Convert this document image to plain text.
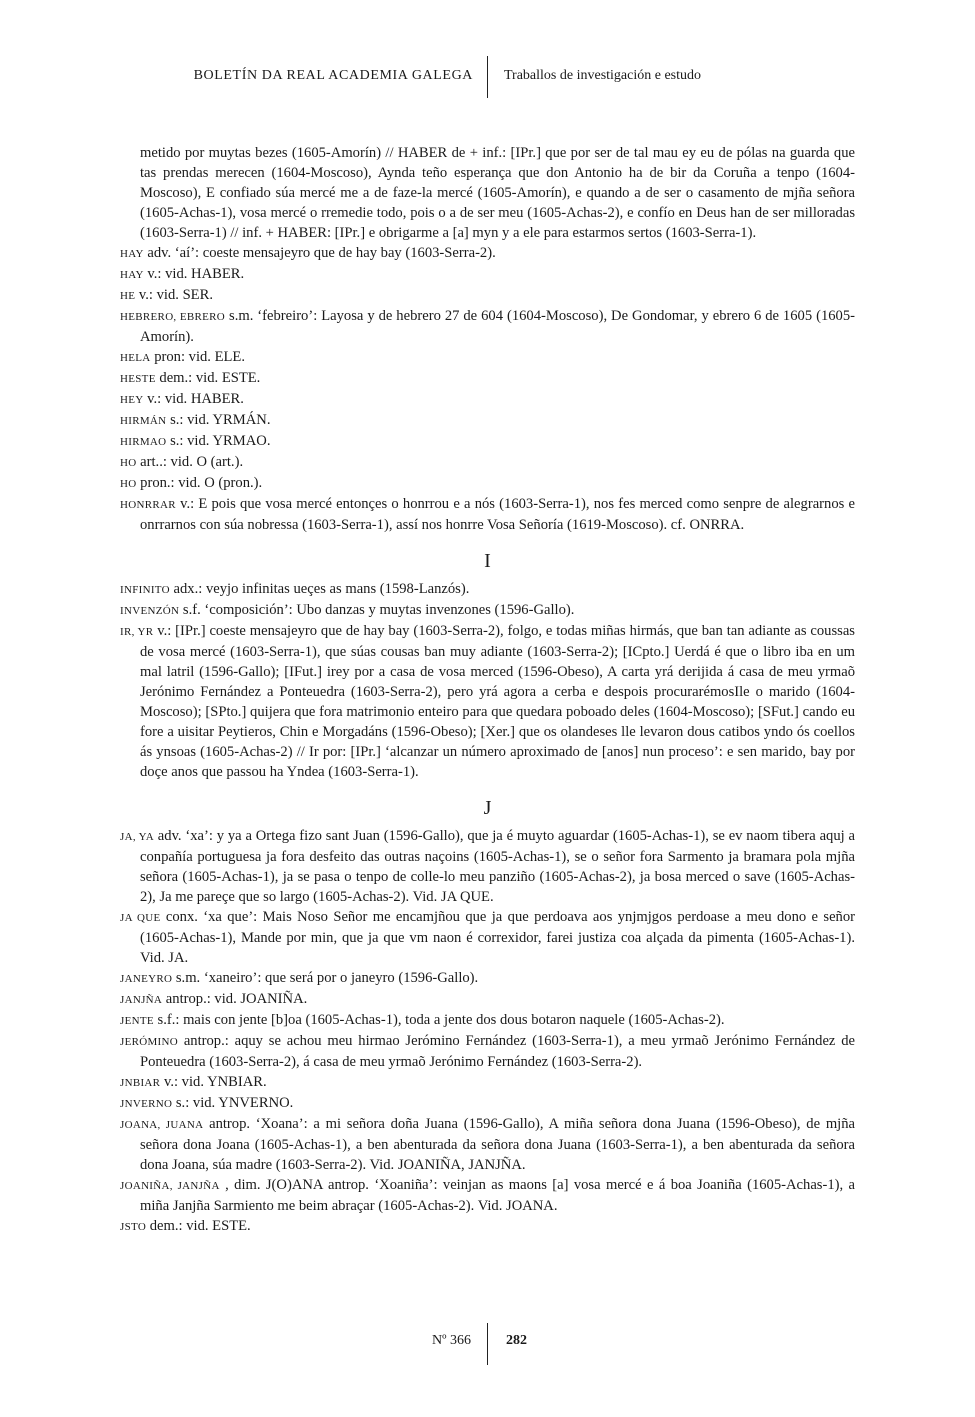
BOLETÍN DA REAL ACADEMIA GALEGA Traballos de investigación e estudo

metido por muytas bezes (1605-Amorín) // HABER de + inf.: [IPr.] que por ser de tal mau ey eu de pólas na guarda que tas prendas merecen (1604-Moscoso), Aynda teño esperança que don Antonio ha de bir da Coruña a tenpo (1604-Moscoso), E confiado súa mercé me a de faze-la mercé (1605-Amorín), e quando a de ser o casamento de mjña señora (1605-Achas-1), vosa mercé o rremedie todo, pois o a de ser meu (1605-Achas-2), e confío en Deus han de ser milloradas (1603-Serra-1) // inf. + HABER: [IPr.] e obrigarme a [a] myn y a ele para estarmos sertos (1603-Serra-1).

HAY adv. ‘aí’: coeste mensajeyro que de hay bay (1603-Serra-2).

HAY v.: vid. HABER.

HE v.: vid. SER.

HEBRERO, EBRERO s.m. ‘febreiro’: Layosa y de hebrero 27 de 604 (1604-Moscoso), De Gondomar, y ebrero 6 de 1605 (1605-Amorín).

HELA pron: vid. ELE.

HESTE dem.: vid. ESTE.

HEY v.: vid. HABER.

HIRMÁN s.: vid. YRMÁN.

HIRMAO s.: vid. YRMAO.

HO art..: vid. O (art.).

HO pron.: vid. O (pron.).

HONRRAR v.: E pois que vosa mercé entonçes o honrrou e a nós (1603-Serra-1), nos fes merced como senpre de alegrarnos e onrrarnos con súa nobressa (1603-Serra-1), assí nos honrre Vosa Señoría (1619-Moscoso). cf. ONRRA.

I

INFINITO adx.: veyjo infinitas ueçes as mans (1598-Lanzós).

INVENZÓN s.f. ‘composición’: Ubo danzas y muytas invenzones (1596-Gallo).

IR, YR v.: [IPr.] coeste mensajeyro que de hay bay (1603-Serra-2), folgo, e todas miñas hirmás, que ban tan adiante as coussas de vosa mercé (1603-Serra-1), que súas cousas ban muy adiante (1603-Serra-2); [ICpto.] Uerdá é que o libro iba en um mal latril (1596-Gallo); [IFut.] irey por a casa de vosa merced (1596-Obeso), A carta yrá derijida á casa de meu yrmaõ Jerónimo Fernández a Ponteuedra (1603-Serra-2), pero yrá agora a cerba e despois procurarémosIle o marido (1604-Moscoso); [SPto.] quijera que fora matrimonio enteiro para que quedara poboado deles (1604-Moscoso); [SFut.] cando eu fore a uisitar Peytieros, Chin e Morgadáns (1596-Obeso); [Xer.] que os olandeses lle levaron dous catibos yndo ós coellos ás ynsoas (1605-Achas-2) // Ir por: [IPr.] ‘alcanzar un número aproximado de [anos] nun proceso’: e sen marido, bay por doçe anos que passou ha Yndea (1603-Serra-1).

J

JA, YA adv. ‘xa’: y ya a Ortega fizo sant Juan (1596-Gallo), que ja é muyto aguardar (1605-Achas-1), se ev naom tibera aquj a conpañía portuguesa ja fora desfeito das outras naçoins (1605-Achas-1), se o señor fora Sarmento ja bramara pola mjña señora (1605-Achas-1), ja se pasa o tenpo de colle-lo meu panziño (1605-Achas-2), ja bosa merced o save (1605-Achas-2), Ja me pareçe que so largo (1605-Achas-2). Vid. JA QUE.

JA QUE conx. ‘xa que’: Mais Noso Señor me encamjñou que ja que perdoava aos ynjmjgos perdoase a meu dono e señor (1605-Achas-1), Mande por min, que ja que vm naon é correxidor, farei justiza coa alçada da pimenta (1605-Achas-1). Vid. JA.

JANEYRO s.m. ‘xaneiro’: que será por o janeyro (1596-Gallo).

JANJÑA antrop.: vid. JOANIÑA.

JENTE s.f.: mais con jente [b]oa (1605-Achas-1), toda a jente dos dous botaron naquele (1605-Achas-2).

JERÓMINO antrop.: aquy se achou meu hirmao Jerómino Fernández (1603-Serra-1), a meu yrmaõ Jerónimo Fernández de Ponteuedra (1603-Serra-2), á casa de meu yrmaõ Jerónimo Fernández (1603-Serra-2).

JNBIAR v.: vid. YNBIAR.

JNVERNO s.: vid. YNVERNO.

JOANA, JUANA antrop. ‘Xoana’: a mi señora doña Juana (1596-Gallo), A miña señora dona Juana (1596-Obeso), de mjña señora dona Joana (1605-Achas-1), a ben abenturada da señora dona Juana (1603-Serra-1), a ben abenturada da señora dona Joana, súa madre (1603-Serra-2). Vid. JOANIÑA, JANJÑA.

JOANIÑA, JANJÑA , dim. J(O)ANA antrop. ‘Xoaniña’: veinjan as maons [a] vosa mercé e á boa Joaniña (1605-Achas-1), a miña Janjña Sarmiento me beim abraçar (1605-Achas-2). Vid. JOANA.

JSTO dem.: vid. ESTE.

Nº 366	282
